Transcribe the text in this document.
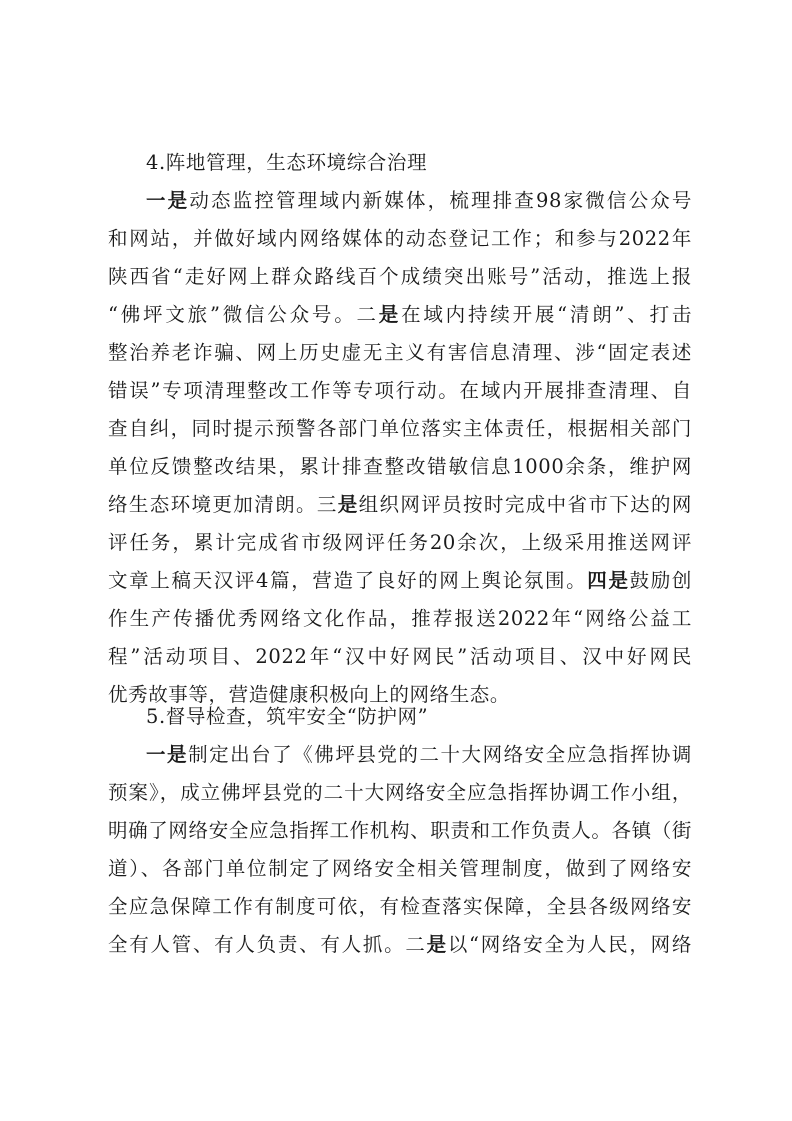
4.阵地管理，生态环境综合治理
一是动态监控管理域内新媒体，梳理排查98家微信公众号
和网站，并做好域内网络媒体的动态登记工作；和参与2022年
陕西省“走好网上群众路线百个成绩突出账号”活动，推选上报
“佛坪文旅”微信公众号。二是在域内持续开展“清朗”、打击
整治养老诈骗、网上历史虚无主义有害信息清理、涉“固定表述
错误”专项清理整改工作等专项行动。在域内开展排查清理、自
查自纠，同时提示预警各部门单位落实主体责任，根据相关部门
单位反馈整改结果，累计排查整改错敏信息1000余条，维护网
络生态环境更加清朗。三是组织网评员按时完成中省市下达的网
评任务，累计完成省市级网评任务20余次，上级采用推送网评
文章上稿天汉评4篇，营造了良好的网上舆论氛围。四是鼓励创
作生产传播优秀网络文化作品，推荐报送2022年“网络公益工
程”活动项目、2022年“汉中好网民”活动项目、汉中好网民
优秀故事等，营造健康积极向上的网络生态。
5.督导检查，筑牢安全“防护网”
一是制定出台了《佛坪县党的二十大网络安全应急指挥协调
预案》，成立佛坪县党的二十大网络安全应急指挥协调工作小组，
明确了网络安全应急指挥工作机构、职责和工作负责人。各镇（街
道）、各部门单位制定了网络安全相关管理制度，做到了网络安
全应急保障工作有制度可依，有检查落实保障，全县各级网络安
全有人管、有人负责、有人抓。二是以“网络安全为人民，网络
